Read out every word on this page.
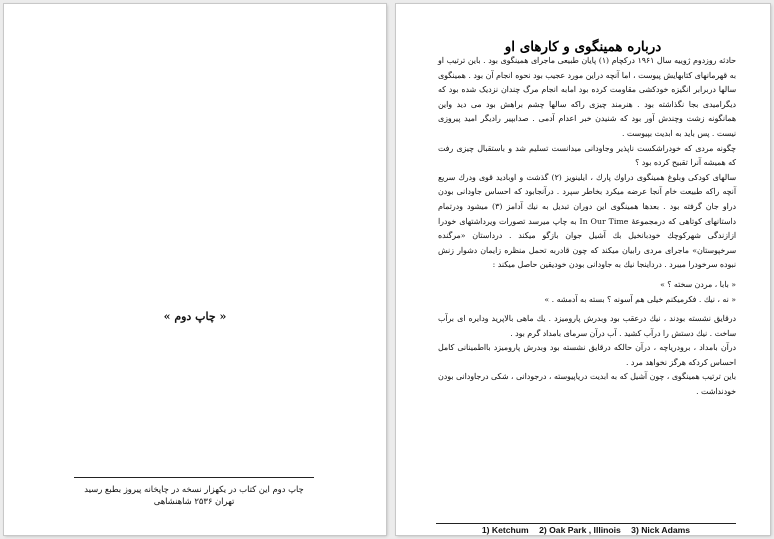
« چاپ دوم »
چاپ دوم این کتاب در یکهزار نسخه در چاپخانه پیروز بطبع رسید
تهران ۲۵۳۶ شاهنشاهی
درباره همینگوی و کارهای او

حادثه روزدوم ژوییه سال ۱۹۶۱ درکچام (۱) پایان طبیعی ماجرای همینگوی بود . باین ترتیب او به قهرمانهای کتابهایش پیوست ، اما آنچه دراین مورد عجیب بود نحوه انجام آن بود . همینگوی سالها دربرابر انگیزه خودکشی مقاومت کرده بود امابه انجام مرگ چندان نزدیک شده بود که دیگرامیدی بجا نگذاشته بود . هنرمند چیزی راکه سالها چشم براهش بود می دید واین همانگونه زشت وچندش آور بود که شنیدن خبر اعدام آدمی . صدابپیر رادیگر امید پیروزی نیست . پس باید به ابدیت بپیوست .

چگونه مردی که خودراشکست ناپذیر وجاودانی میدانست تسلیم شد و باستقبال چیزی رفت که همیشه آنرا تقبیح کرده بود ؟

سالهای کودکی وبلوغ همینگوی دراوك پارك ، ایلینویز (۲) گذشت و اوباديد قوی ودرك سریع آنچه راکه طبیعت خام آنجا عرضه میکرد بخاطر سپرد . درآنجابود که احساس جاودانی بودن دراو جان گرفته بود . بعدها همینگوی این دوران تبدیل به نیك آدامز (۳) میشود ودرتمام داستانهای کوتاهی که درمجموعهٔ In Our Time به چاپ میرسد تصورات ویرداشتهای خودرا ازازندگی شهرکوچك خودبانخیل بك آشیل جوان بازگو میکند . درداستان «مرگنده سرخپوستان» ماجرای مردی رابیان میکند که چون قادربه تحمل منظره زایمان دشوار زنش نبوده سرخودرا میبرد . درداينجا نیك به جاودانی بودن خودیقین حاصل میکند :

« بابا ، مردن سخته ؟ »

« نه ، نیك . فکرمیکنم خیلی هم آسونه ؟ بسته به آدمشه . »

درقایق نشسته بودند ، نیك درعقب بود وبدرش پارومیزد . یك ماهی بالاپرید ودایره ای برآب ساخت . نیك دستش را درآب کشید . آب درآن سرمای بامداد گرم بود .

درآن بامداد ، برودریاچه ، درآن حالکه درقایق نشسته بود وبدرش پارومیزد بااطمینانی کامل احساس کردکه هرگز نخواهد مرد .

باین ترتیب همینگوی ، چون آشیل که به ابدیت دریاپیوسته ، درجودانی ، شکی درجاودانی بودن خودنداشت .

1) Ketchum 2) Oak Park , Illinois 3) Nick Adams
